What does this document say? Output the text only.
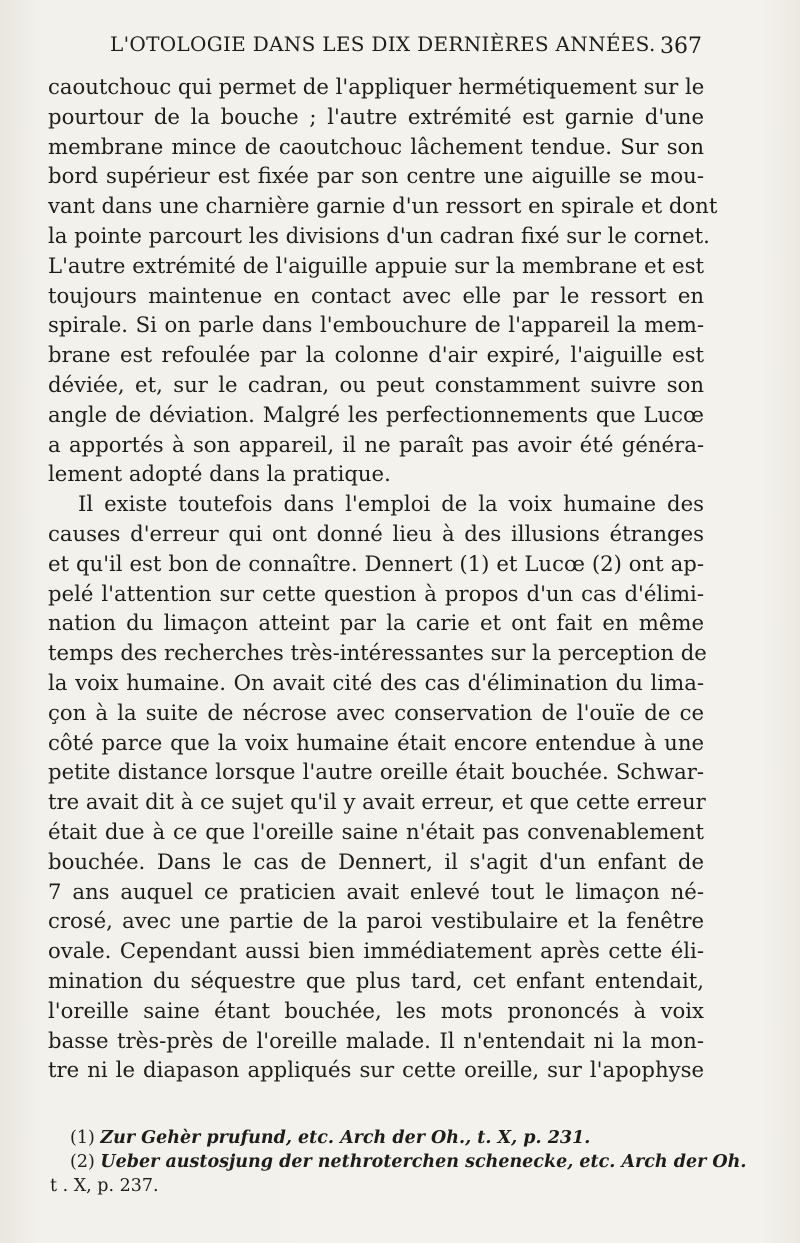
L'OTOLOGIE DANS LES DIX DERNIÈRES ANNÉES. 367
caoutchouc qui permet de l'appliquer hermétiquement sur le
pourtour de la bouche ; l'autre extrémité est garnie d'une
membrane mince de caoutchouc lâchement tendue. Sur son
bord supérieur est fixée par son centre une aiguille se mou-
vant dans une charnière garnie d'un ressort en spirale et dont
la pointe parcourt les divisions d'un cadran fixé sur le cornet.
L'autre extrémité de l'aiguille appuie sur la membrane et est
toujours maintenue en contact avec elle par le ressort en
spirale. Si on parle dans l'embouchure de l'appareil la mem-
brane est refoulée par la colonne d'air expiré, l'aiguille est
déviée, et, sur le cadran, ou peut constamment suivre son
angle de déviation. Malgré les perfectionnements que Lucœ
a apportés à son appareil, il ne paraît pas avoir été généra-
lement adopté dans la pratique.
Il existe toutefois dans l'emploi de la voix humaine des
causes d'erreur qui ont donné lieu à des illusions étranges
et qu'il est bon de connaître. Dennert (1) et Lucœ (2) ont ap-
pelé l'attention sur cette question à propos d'un cas d'élimi-
nation du limaçon atteint par la carie et ont fait en même
temps des recherches très-intéressantes sur la perception de
la voix humaine. On avait cité des cas d'élimination du lima-
çon à la suite de nécrose avec conservation de l'ouïe de ce
côté parce que la voix humaine était encore entendue à une
petite distance lorsque l'autre oreille était bouchée. Schwar-
tre avait dit à ce sujet qu'il y avait erreur, et que cette erreur
était due à ce que l'oreille saine n'était pas convenablement
bouchée. Dans le cas de Dennert, il s'agit d'un enfant de
7 ans auquel ce praticien avait enlevé tout le limaçon né-
crosé, avec une partie de la paroi vestibulaire et la fenêtre
ovale. Cependant aussi bien immédiatement après cette éli-
mination du séquestre que plus tard, cet enfant entendait,
l'oreille saine étant bouchée, les mots prononcés à voix
basse très-près de l'oreille malade. Il n'entendait ni la mon-
tre ni le diapason appliqués sur cette oreille, sur l'apophyse
(1) Zur Gehèr prufund, etc. Arch der Oh., t. X, p. 231.
(2) Ueber austosjung der nethroterchen schenecke, etc. Arch der Oh.
t . X, p. 237.
